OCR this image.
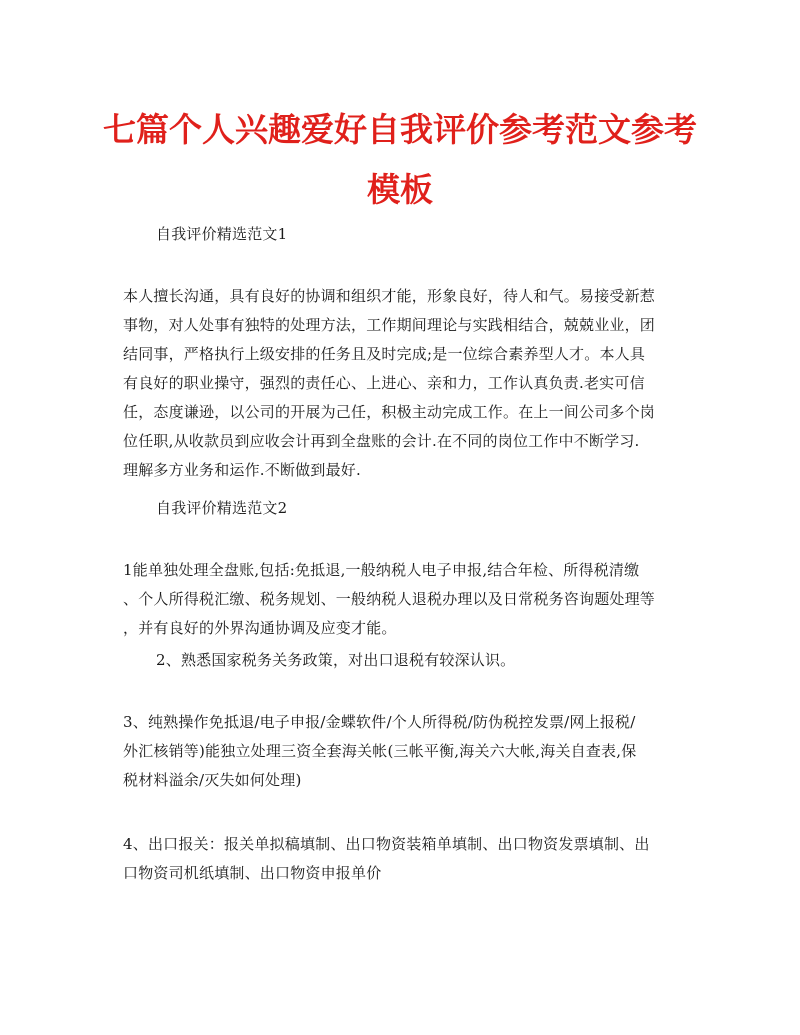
七篇个人兴趣爱好自我评价参考范文参考
模板

自我评价精选范文1

本人擅长沟通，具有良好的协调和组织才能，形象良好，待人和气。易接受新惹
事物，对人处事有独特的处理方法，工作期间理论与实践相结合，兢兢业业，团
结同事，严格执行上级安排的任务且及时完成;是一位综合素养型人才。本人具
有良好的职业操守，强烈的责任心、上进心、亲和力，工作认真负责.老实可信
任，态度谦逊，以公司的开展为己任，积极主动完成工作。在上一间公司多个岗
位任职,从收款员到应收会计再到全盘账的会计.在不同的岗位工作中不断学习.
理解多方业务和运作.不断做到最好.

自我评价精选范文2

1能单独处理全盘账,包括:免抵退,一般纳税人电子申报,结合年检、所得税清缴
、个人所得税汇缴、税务规划、一般纳税人退税办理以及日常税务咨询题处理等
，并有良好的外界沟通协调及应变才能。

2、熟悉国家税务关务政策，对出口退税有较深认识。

3、纯熟操作免抵退/电子申报/金蝶软件/个人所得税/防伪税控发票/网上报税/
外汇核销等)能独立处理三资全套海关帐(三帐平衡,海关六大帐,海关自查表,保
税材料溢余/灭失如何处理)

4、出口报关：报关单拟稿填制、出口物资装箱单填制、出口物资发票填制、出
口物资司机纸填制、出口物资申报单价
